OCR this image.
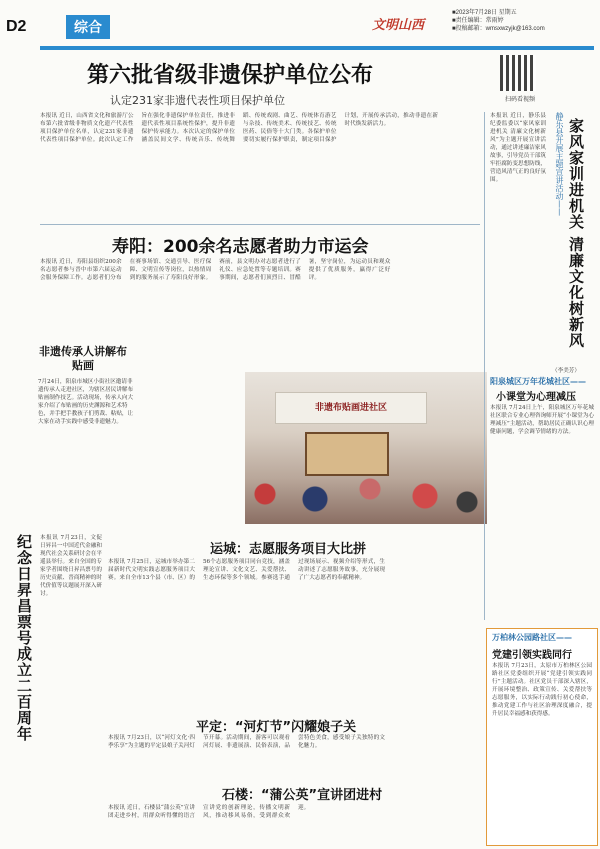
D2	综合	文明山西
■2023年7月28日 星期五
■责任编辑：常雨婷
■投稿邮箱：wmsxwzyjk@163.com
第六批省级非遗保护单位公布
认定231家非遗代表性项目保护单位
本报讯 近日，山西省文化和旅游厅公布第六批省级非物质文化遗产代表性项目保护单位名单，认定231家非遗代表性项目保护单位。此次认定工作旨在强化非遗保护单位责任，推进非遗代表性项目系统性保护，提升非遗保护传承能力。本次认定的保护单位涵盖民间文学、传统音乐、传统舞蹈、传统戏剧、曲艺、传统体育游艺与杂技、传统美术、传统技艺、传统医药、民俗等十大门类。各保护单位要切实履行保护职责，制定项目保护计划，开展传承活动，推动非遗在新时代焕发新活力。
扫码看视频
寿阳：200余名志愿者助力市运会
本报讯 近日，寿阳县组织200余名志愿者参与晋中市第六届运动会服务保障工作。志愿者们分布在赛事场馆、交通引导、医疗保障、文明宣传等岗位，以热情周到的服务展示了寿阳良好形象。赛前，县文明办对志愿者进行了礼仪、应急处置等专题培训。赛事期间，志愿者们顶烈日、冒酷暑，坚守岗位，为运动员和观众提供了优质服务，赢得广泛好评。
非遗布贴画进社区
非遗传承人讲解布贴画
7月24日，阳泉市城区小街社区邀请非遗传承人走进社区，为辖区居民讲解布贴画制作技艺。活动现场，传承人向大家介绍了布贴画的历史渊源和艺术特色，并手把手教孩子们剪裁、粘贴，让大家在动手实践中感受非遗魅力。
纪念日昇昌票号成立二百周年	本报讯 7月23日，文促日昇昌一中国近代金融和现代社会关系研讨会在平遥县举行。来自全国的专家学者围绕日昇昌票号的历史贡献、晋商精神的时代价值等议题展开深入研讨。
运城：志愿服务项目大比拼
本报讯 7月25日，运城市举办第二届新时代文明实践志愿服务项目大赛。来自全市13个县（市、区）的56个志愿服务项目同台竞技，涵盖理论宣讲、文化文艺、关爱帮扶、生态环保等多个领域。参赛选手通过现场展示、视频介绍等形式，生动讲述了志愿服务故事，充分展现了广大志愿者的奉献精神。
平定：“河灯节”闪耀娘子关
本报讯 7月23日，以“河灯文化·四季乐享”为主题的平定县娘子关河灯节开幕。活动期间，游客可以观看河灯展、非遗展演、民俗表演，品尝特色美食，感受娘子关独特的文化魅力。
石楼：“蒲公英”宣讲团进村
本报讯 近日，石楼县“蒲公英”宣讲团走进乡村，用群众听得懂的语言宣讲党的创新理论，传播文明新风，推动移风易俗，受到群众欢迎。
静乐县开展主题宣讲活动—— 家风家训进机关 清廉文化树新风
本报讯 近日，静乐县纪委监委以“家风家训进机关 清廉文化树新风”为主题开展宣讲活动，通过讲述廉洁家风故事，引导党员干部筑牢拒腐防变思想防线，营造风清气正的良好氛围。
（李美芳）
阳泉城区万年花城社区——
小课堂为心理减压
本报讯 7月24日上午，阳泉城区万年花城社区联合专业心理咨询师开展“小课堂为心理减压”主题活动，帮助居民正确认识心理健康问题，学会调节情绪的方法。
万柏林公园路社区——
党建引领实践同行
本报讯 7月23日，太原市万柏林区公园路社区党委组织开展“党建引领实践同行”主题活动。社区党员干部深入辖区，开展环境整治、政策宣传、关爱帮扶等志愿服务，以实际行动践行初心使命，推动党建工作与社区治理深度融合，提升居民幸福感和获得感。
